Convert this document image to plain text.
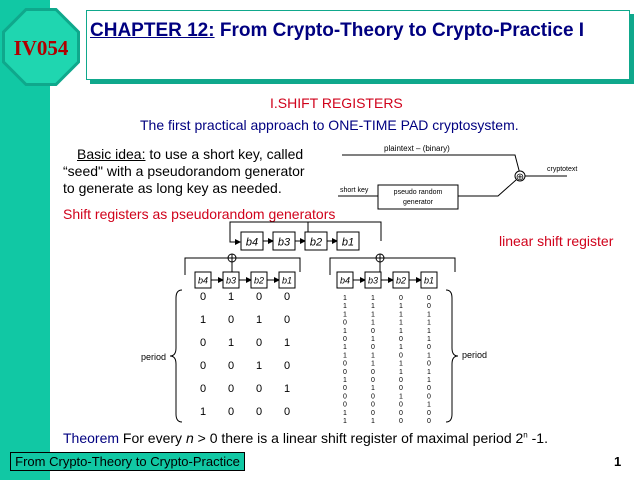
IV054
CHAPTER 12: From Crypto-Theory to Crypto-Practice I
I.SHIFT REGISTERS
The first practical approach to ONE-TIME PAD cryptosystem.
Basic idea: to use a short key, called
“seed" with a pseudorandom generator
to generate as long key as needed.
Shift registers as pseudorandom generators
linear shift register
plaintext – (binary)
⊕
cryptotext
short key	pseudo random
generator
b4 b3 b2 b1
b4 b3 b2 b1	b4 b3 b2 b1
0 1 0 0
1 0 1 0
0 1 0 1
0 0 1 0
0 0 0 1
1 0 0 0
1	1	0	0
1	1	1	0
1	1	1	1
0	1	1	1
1	0	1	1
0	1	0	1
1	0	1	0
1	1	0	1
0	1	1	0
0	0	1	1
1	0	0	1
0	1	0	0
0	0	1	0
0	0	0	1
1	0	0	0
1	1	0	0
period	period
Theorem For every n > 0 there is a linear shift register of maximal period 2$^n$ -1.
From Crypto-Theory to Crypto-Practice	1
